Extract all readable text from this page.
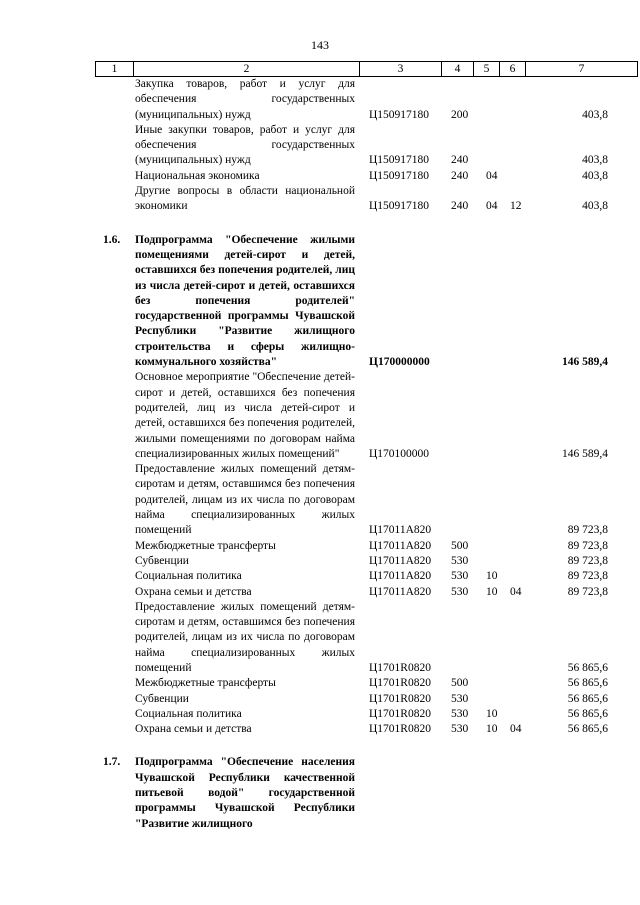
143
1	2	3	4	5	6	7
Закупка товаров, работ и услуг для обеспечения государственных (муниципальных) нужд	Ц150917180 200	403,8
Иные закупки товаров, работ и услуг для обеспечения государственных (муниципальных) нужд	Ц150917180 240	403,8
Национальная экономика	Ц150917180 240 04	403,8
Другие вопросы в области национальной экономики	Ц150917180 240 04 12	403,8
1.6.	Подпрограмма "Обеспечение жилыми помещениями детей-сирот и детей, оставшихся без попечения родителей, лиц из числа детей-сирот и детей, оставшихся без попечения родителей" государственной программы Чувашской Республики "Развитие жилищного строительства и сферы жилищно-коммунального хозяйства"	Ц170000000	146 589,4
Основное мероприятие "Обеспечение детей-сирот и детей, оставшихся без попечения родителей, лиц из числа детей-сирот и детей, оставшихся без попечения родителей, жилыми помещениями по договорам найма специализированных жилых помещений"	Ц170100000	146 589,4
Предоставление жилых помещений детям-сиротам и детям, оставшимся без попечения родителей, лицам из их числа по договорам найма специализированных жилых помещений	Ц17011А820	89 723,8
Межбюджетные трансферты	Ц17011А820 500	89 723,8
Субвенции	Ц17011А820 530	89 723,8
Социальная политика	Ц17011А820 530 10	89 723,8
Охрана семьи и детства	Ц17011А820 530 10 04	89 723,8
Предоставление жилых помещений детям-сиротам и детям, оставшимся без попечения родителей, лицам из их числа по договорам найма специализированных жилых помещений	Ц1701R0820	56 865,6
Межбюджетные трансферты	Ц1701R0820 500	56 865,6
Субвенции	Ц1701R0820 530	56 865,6
Социальная политика	Ц1701R0820 530 10	56 865,6
Охрана семьи и детства	Ц1701R0820 530 10 04	56 865,6
1.7.	Подпрограмма "Обеспечение населения Чувашской Республики качественной питьевой водой" государственной программы Чувашской Республики "Развитие жилищного
